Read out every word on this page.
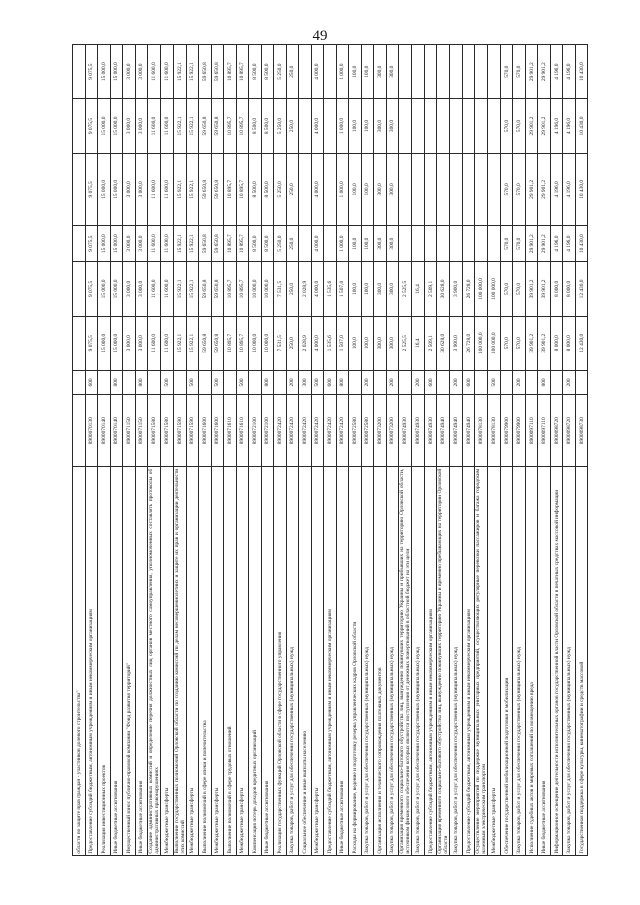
49
области по защите прав граждан - участников долевого строительства"								
Предоставление субсидий бюджетным, автономным учреждениям и иным некоммерческим организациям	8900070130	600	9 075,5	9 075,5	9 075,5	9 075,5	9 075,5	9 075,5
Реализация инвестиционных проектов	8900070140		15 000,0	15 000,0	15 000,0	15 000,0	15 000,0	15 000,0
Иные бюджетные ассигнования	8900070140	800	15 000,0	15 000,0	15 000,0	15 000,0	15 000,0	15 000,0
Имущественный взнос публично-правовой компании "Фонд развития территорий"	8900071150		3 000,0	3 000,0	3 000,0	3 000,0	3 000,0	3 000,0
Иные бюджетные ассигнования	8900071150	800	3 000,0	3 000,0	3 000,0	3 000,0	3 000,0	3 000,0
Создание административных комиссий и определение перечня должностных лиц органов местного самоуправления, уполномоченных составлять протоколы об административных правонарушениях	8900071580		11 600,0	11 600,0	11 600,0	11 600,0	11 600,0	11 600,0
Межбюджетные трансферты	8900071580	500	11 600,0	11 600,0	11 600,0	11 600,0	11 600,0	11 600,0
Выполнение государственных полномочий Орловской области по созданию комиссий по делам несовершеннолетних и защите их прав и организации деятельности этих комиссий	8900071590		15 922,1	15 922,1	15 922,1	15 922,1	15 922,1	15 922,1
Межбюджетные трансферты	8900071590	500	15 922,1	15 922,1	15 922,1	15 922,1	15 922,1	15 922,1
Выполнение полномочий в сфере опеки и попечительства	8900071600		59 650,8	59 650,8	59 650,8	59 650,8	59 650,8	59 650,8
Межбюджетные трансферты	8900071600	500	59 650,8	59 650,8	59 650,8	59 650,8	59 650,8	59 650,8
Выполнение полномочий в сфере трудовых отношений	8900071610		10 895,7	10 895,7	10 895,7	10 895,7	10 895,7	10 895,7
Межбюджетные трансферты	8900071610	500	10 895,7	10 895,7	10 895,7	10 895,7	10 895,7	10 895,7
Компенсация потерь доходов кредитных организаций	8900072100		10 000,0	10 000,0	8 500,0	8 500,0	8 500,0	8 500,0
Иные бюджетные ассигнования	8900072100	800	10 000,0	10 000,0	8 500,0	8 500,0	8 500,0	8 500,0
Реализация государственных функций Орловской области в сфере государственного управления	8900072420		7 531,5	7 531,5	5 250,0	5 250,0	5 250,0	5 250,0
Закупка товаров, работ и услуг для обеспечения государственных (муниципальных) нужд	8900072420	200	250,0	250,0	250,0	250,0	250,0	250,0
Социальное обеспечение и иные выплаты населению	8900072420	300	2 028,9	2 028,9				
Межбюджетные трансферты	8900072420	500	4 000,0	4 000,0	4 000,0	4 000,0	4 000,0	4 000,0
Предоставление субсидий бюджетным, автономным учреждениям и иным некоммерческим организациям	8900072420	600	1 535,6	1 535,6				
Иные бюджетные ассигнования	8900072420	800	1 507,0	1 507,0	1 000,0	1 000,0	1 000,0	1 000,0
Расходы на формирование, ведение и подготовку резерва управленческих кадров Орловской области	8900072580		100,0	100,0	100,0	100,0	100,0	100,0
Закупка товаров, работ и услуг для обеспечения государственных (муниципальных) нужд	8900072580	200	100,0	100,0	100,0	100,0	100,0	100,0
Организация исполнения и технического сопровождения платежных документов	8900073200		300,0	300,0	300,0	300,0	300,0	300,0
Закупка товаров, работ и услуг для обеспечения государственных (муниципальных) нужд	8900073200	200	300,0	300,0	300,0	300,0	300,0	300,0
Организация временного социально-бытового обустройства лиц, вынужденно покинувших территорию Украины и прибывших на территорию Орловской области, источником финансового обеспечения которых являются поступления от денежных пожертвований в областной бюджет на эти цели	8900074930		2 525,5	2 525,5				
Закупка товаров, работ и услуг для обеспечения государственных (муниципальных) нужд	8900074930	200	16,4	16,4				
Предоставление субсидий бюджетным, автономным учреждениям и иным некоммерческим организациям	8900074930	600	2 509,1	2 509,1				
Организация временного социально-бытового обустройства лиц, вынужденно покинувших территорию Украины и временно пребывающих на территории Орловской области	8900074940		30 628,0	30 628,0				
Закупка товаров, работ и услуг для обеспечения государственных (муниципальных) нужд	8900074940	200	3 900,0	3 900,0				
Предоставление субсидий бюджетным, автономным учреждениям и иным некоммерческим организациям	8900074940	600	26 728,0	26 728,0				
Осуществление мероприятий по поддержке муниципальных унитарных предприятий, осуществляющих регулярные перевозки пассажиров и багажа городским наземным электрическим транспортом	8900078130		100 000,0	100 000,0				
Межбюджетные трансферты	8900078130	500	100 000,0	100 000,0				
Обеспечение государственной мобилизационной подготовки и мобилизации	8900079900		570,0	570,0	570,0	570,0	570,0	570,0
Закупка товаров, работ и услуг для обеспечения государственных (муниципальных) нужд	8900079900	200	570,0	570,0	570,0	570,0	570,0	570,0
Исполнение судебных актов и мировых соглашений по возмещению вреда	8900097110		39 901,2	39 901,2	29 901,2	29 901,2	29 901,2	29 901,2
Иные бюджетные ассигнования	8900097110	800	39 901,2	39 901,2	29 901,2	29 901,2	29 901,2	29 901,2
Информационное освещение деятельности исполнительных органов государственной власти Орловской области в печатных средствах массовой информации	8900098720		8 000,0	8 000,0	4 196,0	4 196,0	4 196,0	4 196,0
Закупка товаров, работ и услуг для обеспечения государственных (муниципальных) нужд	8900098720	200	8 000,0	8 000,0	4 196,0	4 196,0	4 196,0	4 196,0
Государственная поддержка в сфере культуры, кинематографии и средств массовой	8900098730		12 430,0	12 430,0	10 430,0	10 430,0	10 430,0	10 430,0
